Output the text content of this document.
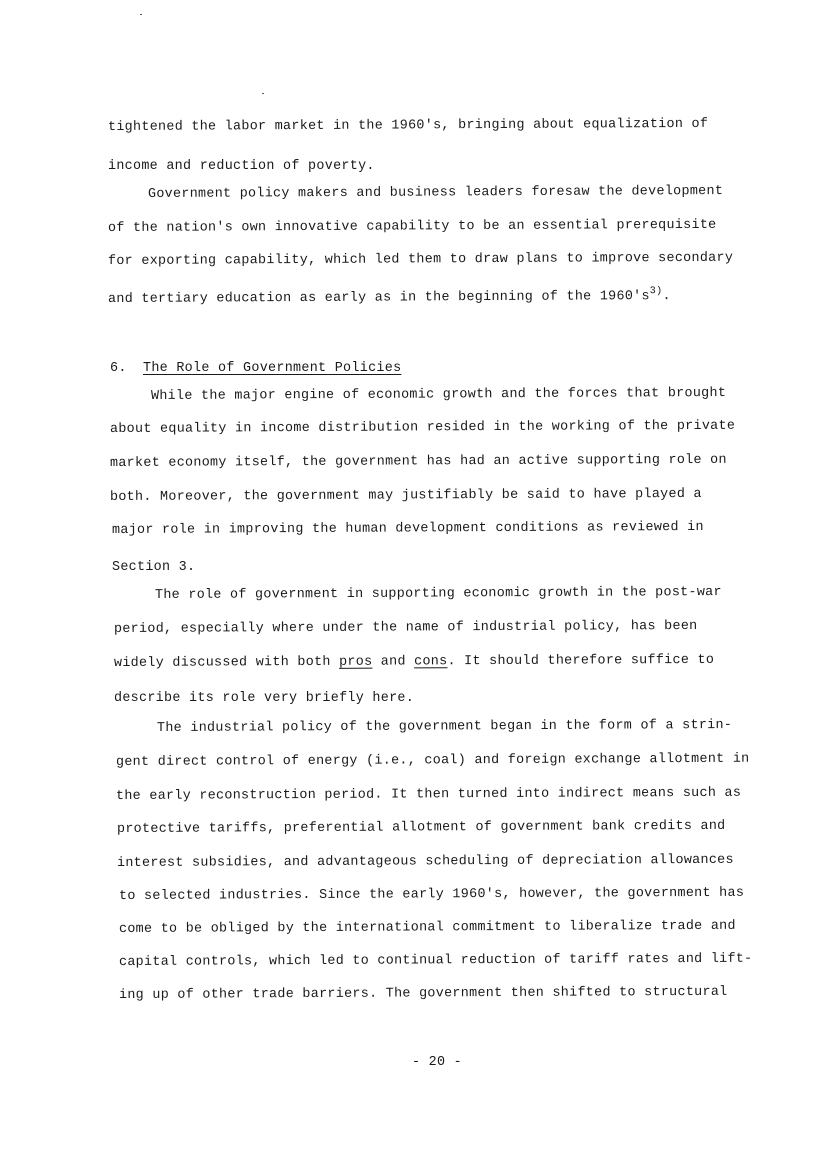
tightened the labor market in the 1960's, bringing about equalization of
income and reduction of poverty.
Government policy makers and business leaders foresaw the development
of the nation's own innovative capability to be an essential prerequisite
for exporting capability, which led them to draw plans to improve secondary
and tertiary education as early as in the beginning of the $1960's^{3)}$.
6. The Role of Government Policies
While the major engine of economic growth and the forces that brought
about equality in income distribution resided in the working of the private
market economy itself, the government has had an active supporting role on
both. Moreover, the government may justifiably be said to have played a
major role in improving the human development conditions as reviewed in
Section 3.
The role of government in supporting economic growth in the post-war
period, especially where under the name of industrial policy, has been
widely discussed with both pros and cons. It should therefore suffice to
describe its role very briefly here.
The industrial policy of the government began in the form of a strin-
gent direct control of energy (i.e., coal) and foreign exchange allotment in
the early reconstruction period. It then turned into indirect means such as
protective tariffs, preferential allotment of government bank credits and
interest subsidies, and advantageous scheduling of depreciation allowances
to selected industries. Since the early 1960's, however, the government has
come to be obliged by the international commitment to liberalize trade and
capital controls, which led to continual reduction of tariff rates and lift-
ing up of other trade barriers. The government then shifted to structural
- 20 -
